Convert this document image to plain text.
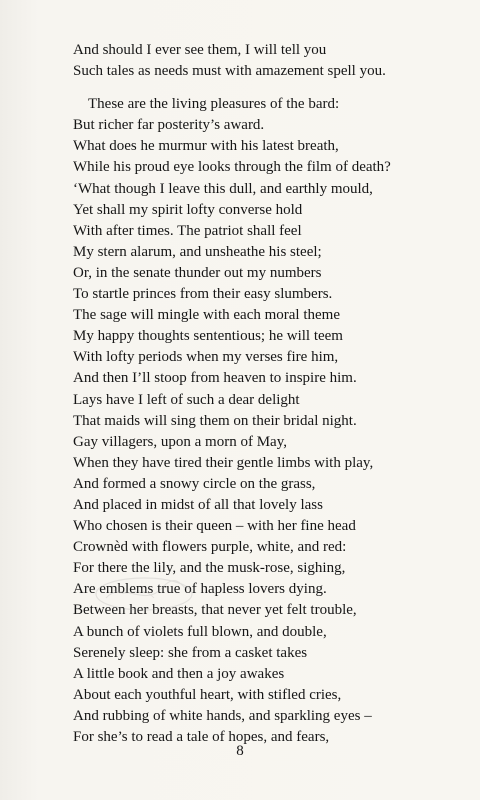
And should I ever see them, I will tell you
Such tales as needs must with amazement spell you.
These are the living pleasures of the bard:
But richer far posterity’s award.
What does he murmur with his latest breath,
While his proud eye looks through the film of death?
‘What though I leave this dull, and earthly mould,
Yet shall my spirit lofty converse hold
With after times. The patriot shall feel
My stern alarum, and unsheathe his steel;
Or, in the senate thunder out my numbers
To startle princes from their easy slumbers.
The sage will mingle with each moral theme
My happy thoughts sententious; he will teem
With lofty periods when my verses fire him,
And then I’ll stoop from heaven to inspire him.
Lays have I left of such a dear delight
That maids will sing them on their bridal night.
Gay villagers, upon a morn of May,
When they have tired their gentle limbs with play,
And formed a snowy circle on the grass,
And placed in midst of all that lovely lass
Who chosen is their queen – with her fine head
Crownèd with flowers purple, white, and red:
For there the lily, and the musk-rose, sighing,
Are emblems true of hapless lovers dying.
Between her breasts, that never yet felt trouble,
A bunch of violets full blown, and double,
Serenely sleep: she from a casket takes
A little book and then a joy awakes
About each youthful heart, with stifled cries,
And rubbing of white hands, and sparkling eyes –
For she’s to read a tale of hopes, and fears,
8
